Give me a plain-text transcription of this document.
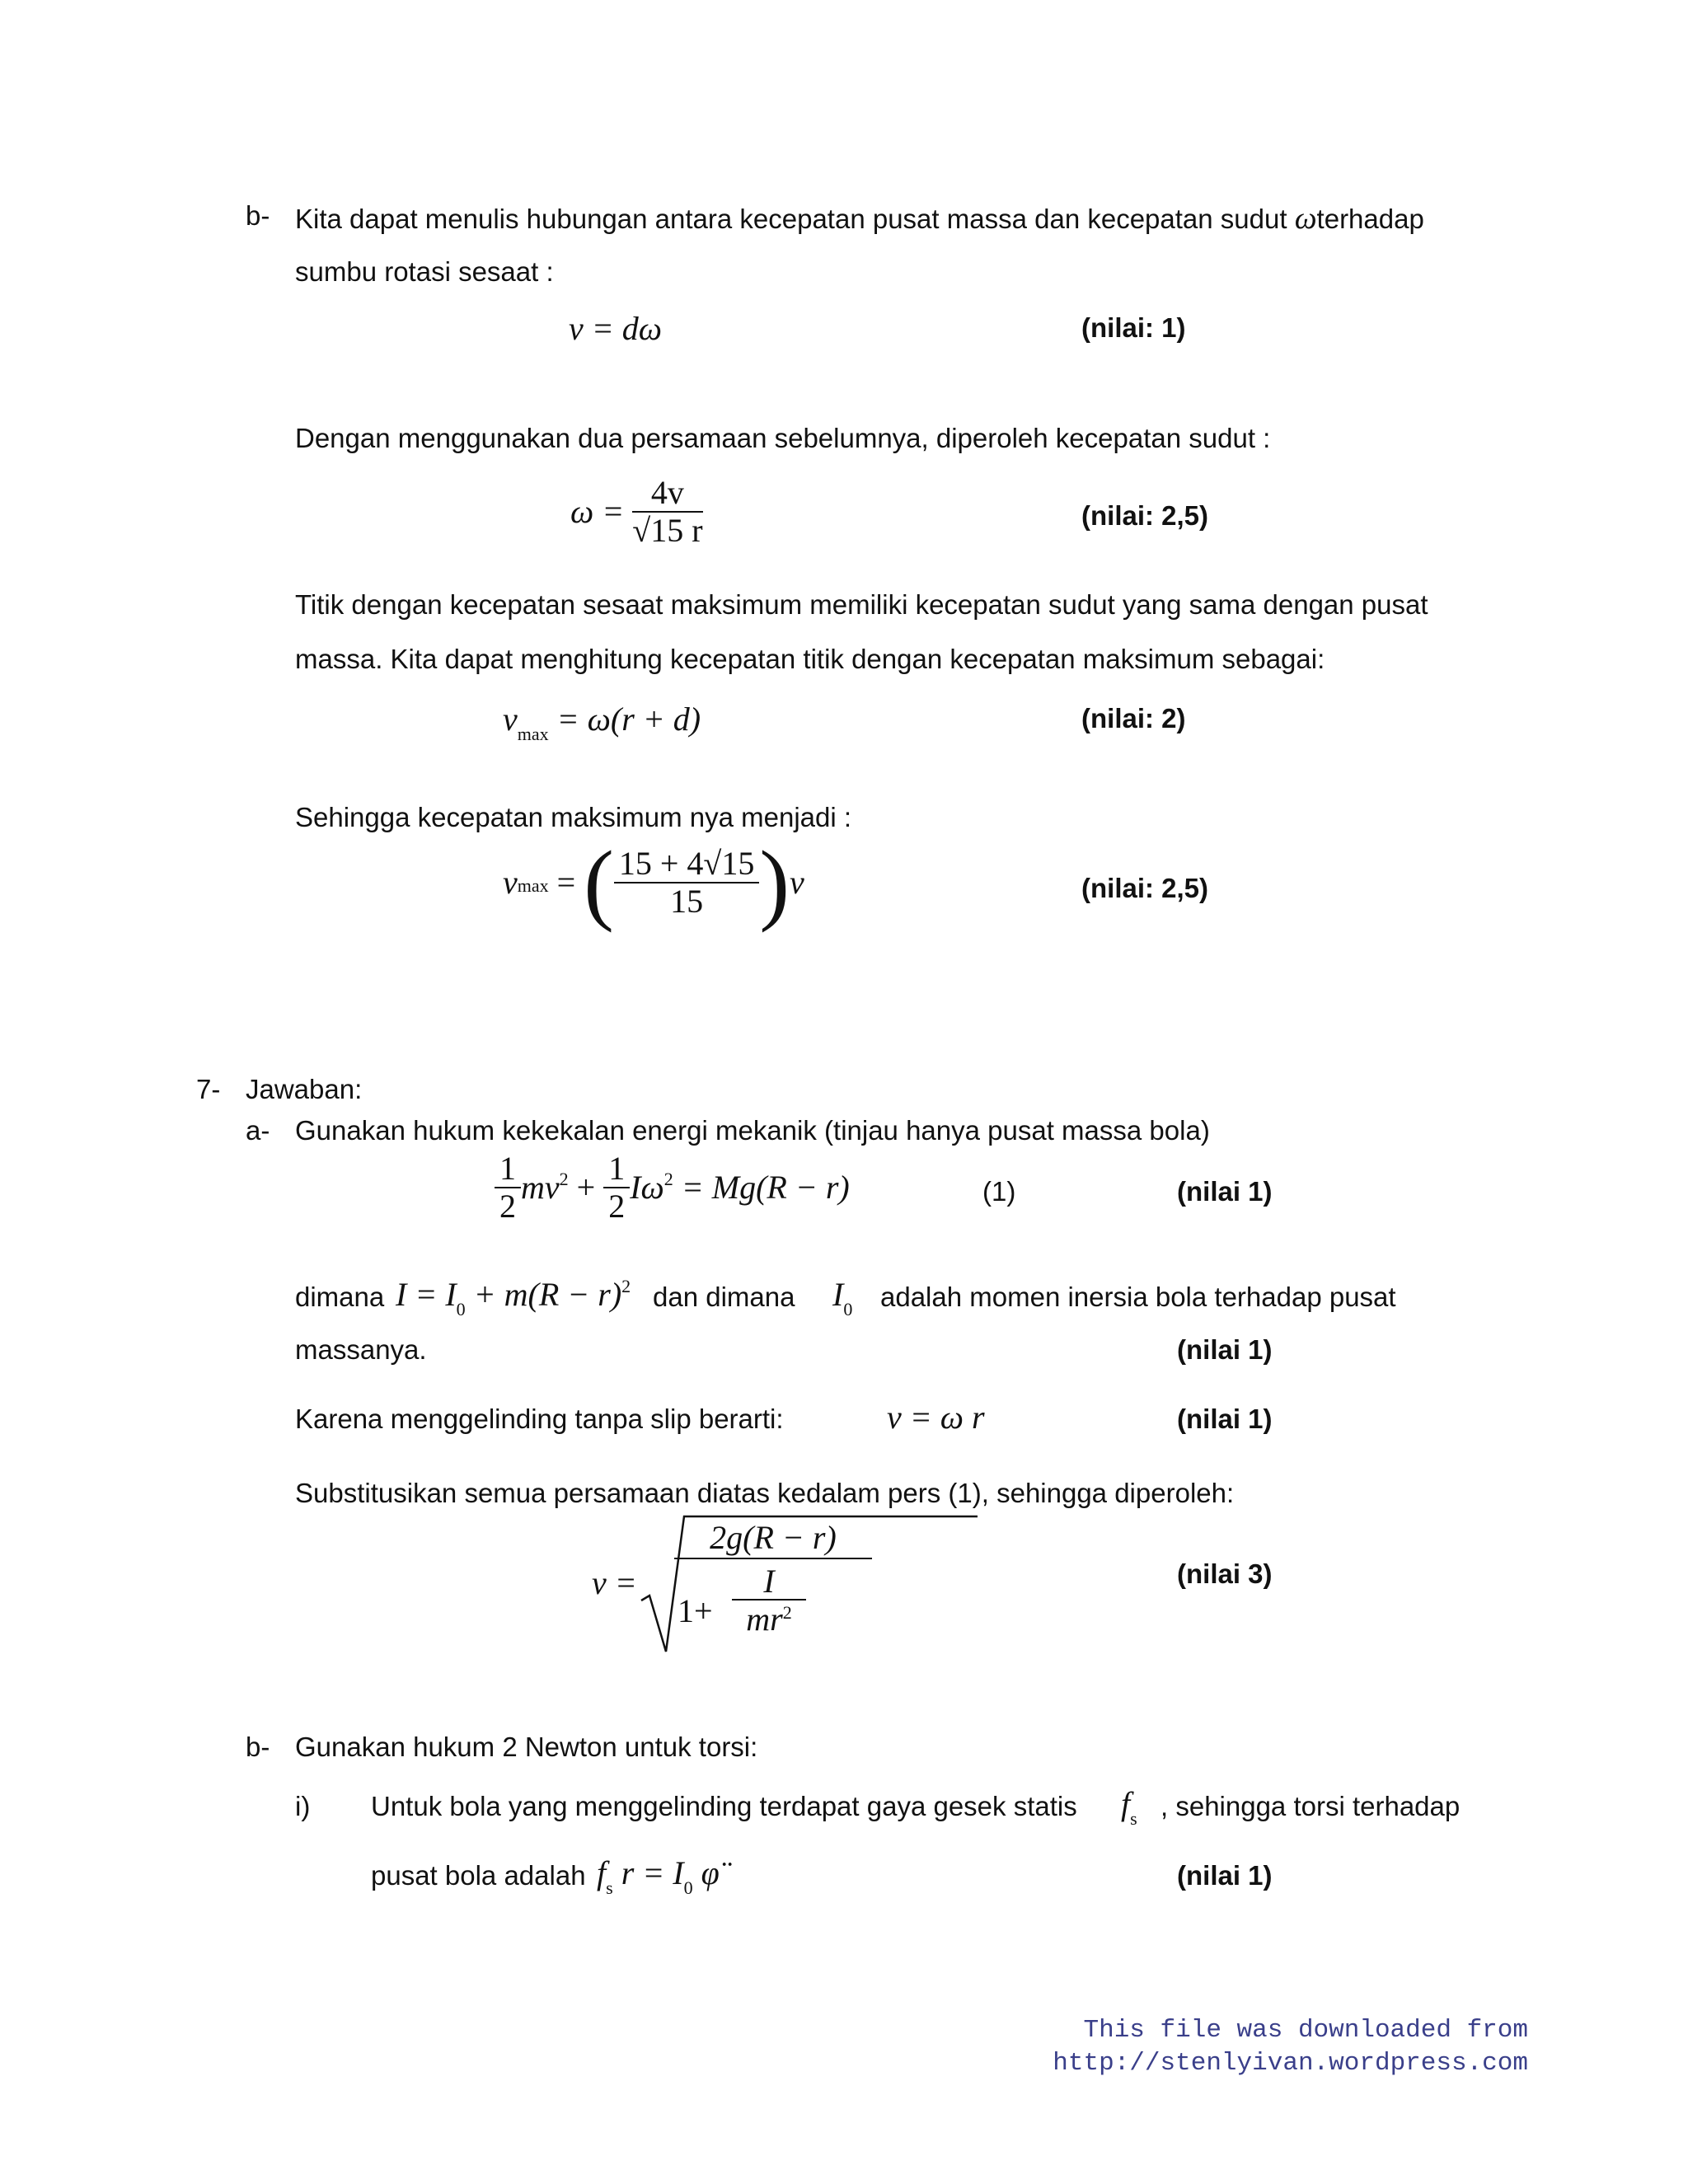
b- Kita dapat menulis hubungan antara kecepatan pusat massa dan kecepatan sudut ωterhadap
sumbu rotasi sesaat :
v = dω	(nilai: 1)
Dengan menggunakan dua persamaan sebelumnya, diperoleh kecepatan sudut :
$\omega = \frac{4v}{√15 r}$	(nilai: 2,5)
Titik dengan kecepatan sesaat maksimum memiliki kecepatan sudut yang sama dengan pusat
massa. Kita dapat menghitung kecepatan titik dengan kecepatan maksimum sebagai:
$v_{max} = \omega(r + d)$	(nilai: 2)
Sehingga kecepatan maksimum nya menjadi :
vmax = ( $\frac{15 + 4√15}{15} )v$	(nilai: 2,5)
7- Jawaban:
a- Gunakan hukum kekekalan energi mekanik (tinjau hanya pusat massa bola)
$\frac{1}{2} mv^2 + \frac{1}{2} I\omega^2 = Mg(R - r)$	(1)	(nilai 1)
dimana $I = I_0 + m(R - r)^2$ dan dimana $I_0$ adalah momen inersia bola terhadap pusat
massanya.	(nilai 1)
Karena menggelinding tanpa slip berarti:	v = ω r	(nilai 1)
Substitusikan semua persamaan diatas kedalam pers (1), sehingga diperoleh:
$v = \frac{2g(R - r)}{1+ \frac{I}{mr^2}}$	(nilai 3)
b- Gunakan hukum 2 Newton untuk torsi:
i) Untuk bola yang menggelinding terdapat gaya gesek statis $f_s$ , sehingga torsi terhadap
pusat bola adalah $f_s$ $r = I_0$ φ̈	(nilai 1)
This file was downloaded from
http://stenlyivan.wordpress.com
